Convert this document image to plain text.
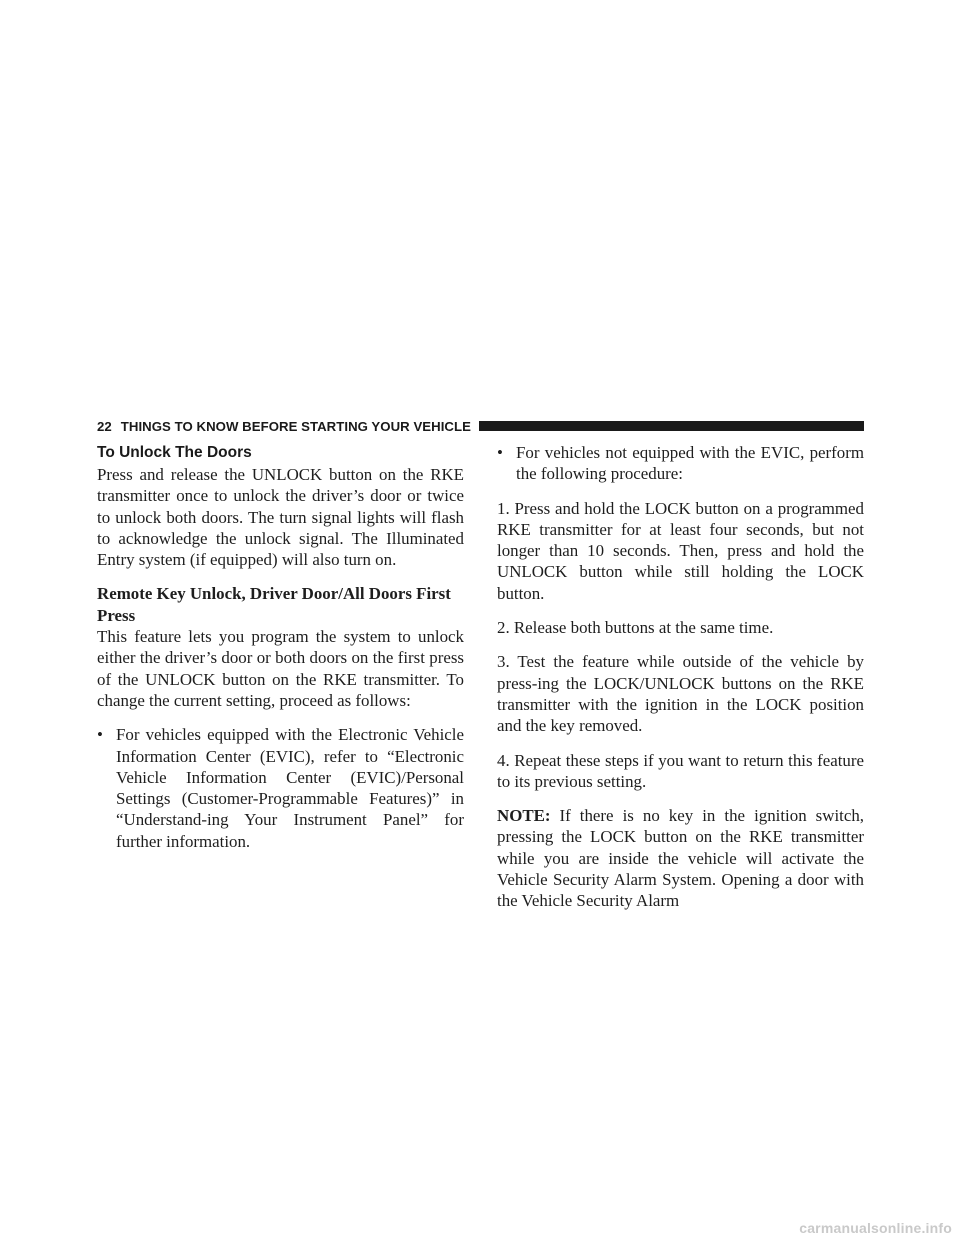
22 THINGS TO KNOW BEFORE STARTING YOUR VEHICLE
To Unlock The Doors

Press and release the UNLOCK button on the RKE transmitter once to unlock the driver’s door or twice to unlock both doors. The turn signal lights will flash to acknowledge the unlock signal. The Illuminated Entry system (if equipped) will also turn on.

Remote Key Unlock, Driver Door/All Doors First Press

This feature lets you program the system to unlock either the driver’s door or both doors on the first press of the UNLOCK button on the RKE transmitter. To change the current setting, proceed as follows:

• For vehicles equipped with the Electronic Vehicle Information Center (EVIC), refer to “Electronic Vehicle Information Center (EVIC)/Personal Settings (Customer-Programmable Features)” in “Understand-ing Your Instrument Panel” for further information.
• For vehicles not equipped with the EVIC, perform the following procedure:

1. Press and hold the LOCK button on a programmed RKE transmitter for at least four seconds, but not longer than 10 seconds. Then, press and hold the UNLOCK button while still holding the LOCK button.

2. Release both buttons at the same time.

3. Test the feature while outside of the vehicle by press-ing the LOCK/UNLOCK buttons on the RKE transmitter with the ignition in the LOCK position and the key removed.

4. Repeat these steps if you want to return this feature to its previous setting.

NOTE: If there is no key in the ignition switch, pressing the LOCK button on the RKE transmitter while you are inside the vehicle will activate the Vehicle Security Alarm System. Opening a door with the Vehicle Security Alarm

carmanualsonline.info
